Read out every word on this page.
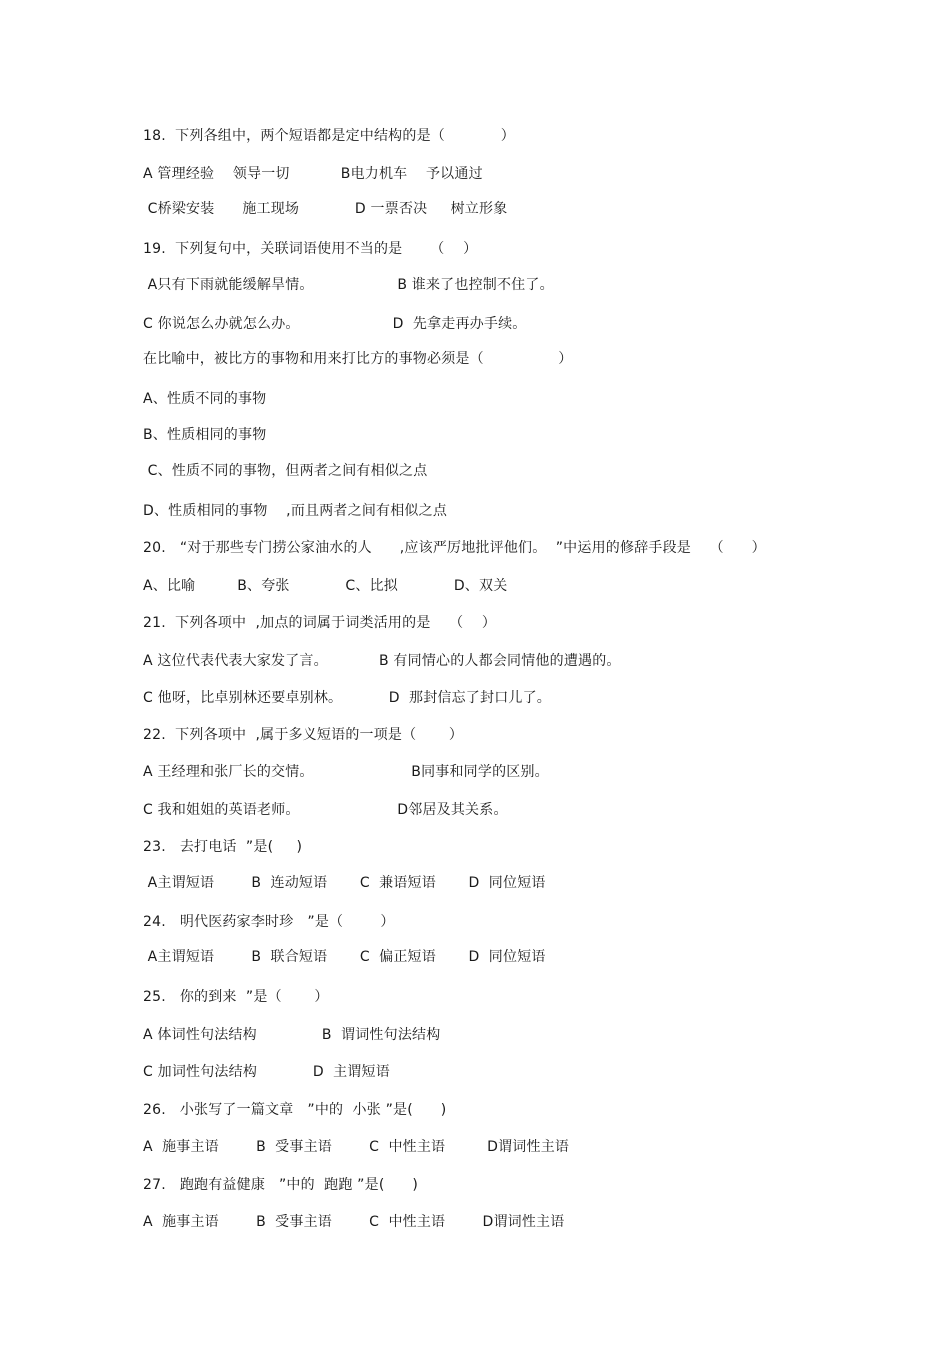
18.  下列各组中，两个短语都是定中结构的是（            ）
A 管理经验    领导一切           B电力机车    予以通过
C桥梁安装      施工现场            D 一票否决     树立形象
19.  下列复句中，关联词语使用不当的是      （    ）
A只有下雨就能缓解旱情。                  B 谁来了也控制不住了。
C 你说怎么办就怎么办。                    D  先拿走再办手续。
在比喻中，被比方的事物和用来打比方的事物必须是（                ）
A、性质不同的事物
B、性质相同的事物
C、性质不同的事物，但两者之间有相似之点
D、性质相同的事物    ,而且两者之间有相似之点
20.   “对于那些专门捞公家油水的人      ,应该严厉地批评他们。  ”中运用的修辞手段是    （      ）
A、比喻         B、夸张            C、比拟            D、双关
21.  下列各项中  ,加点的词属于词类活用的是    （    ）
A 这位代表代表大家发了言。           B 有同情心的人都会同情他的遭遇的。
C 他呀，比卓别林还要卓别林。          D  那封信忘了封口儿了。
22.  下列各项中  ,属于多义短语的一项是（       ）
A 王经理和张厂长的交情。                     B同事和同学的区别。
C 我和姐姐的英语老师。                     D邻居及其关系。
23.   去打电话  ”是(     )
A主谓短语        B  连动短语       C  兼语短语       D  同位短语
24.   明代医药家李时珍   ”是（        ）
A主谓短语        B  联合短语       C  偏正短语       D  同位短语
25.   你的到来  ”是（       ）
A 体词性句法结构              B  谓词性句法结构
C 加词性句法结构            D  主谓短语
26.   小张写了一篇文章   ”中的  小张 ”是(      )
A  施事主语        B  受事主语        C  中性主语         D谓词性主语
27.   跑跑有益健康   ”中的  跑跑 ”是(      )
A  施事主语        B  受事主语        C  中性主语        D谓词性主语
